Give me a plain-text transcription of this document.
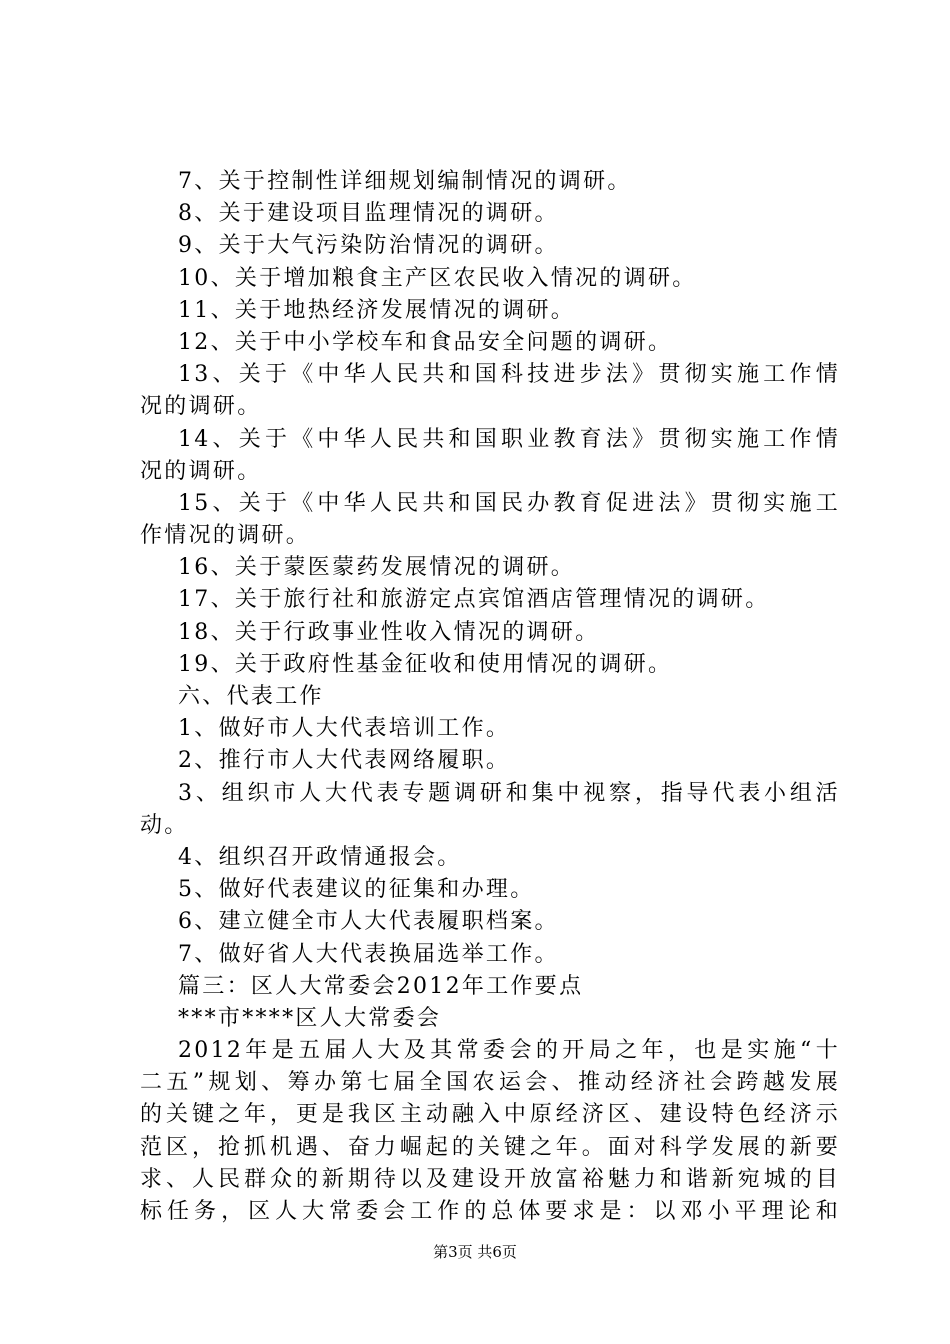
7、关于控制性详细规划编制情况的调研。
8、关于建设项目监理情况的调研。
9、关于大气污染防治情况的调研。
10、关于增加粮食主产区农民收入情况的调研。
11、关于地热经济发展情况的调研。
12、关于中小学校车和食品安全问题的调研。
13、关于《中华人民共和国科技进步法》贯彻实施工作情
况的调研。
14、关于《中华人民共和国职业教育法》贯彻实施工作情
况的调研。
15、关于《中华人民共和国民办教育促进法》贯彻实施工
作情况的调研。
16、关于蒙医蒙药发展情况的调研。
17、关于旅行社和旅游定点宾馆酒店管理情况的调研。
18、关于行政事业性收入情况的调研。
19、关于政府性基金征收和使用情况的调研。
六、代表工作
1、做好市人大代表培训工作。
2、推行市人大代表网络履职。
3、组织市人大代表专题调研和集中视察，指导代表小组活
动。
4、组织召开政情通报会。
5、做好代表建议的征集和办理。
6、建立健全市人大代表履职档案。
7、做好省人大代表换届选举工作。
篇三：区人大常委会2012年工作要点
***市****区人大常委会
2012年是五届人大及其常委会的开局之年，也是实施“十
二五”规划、筹办第七届全国农运会、推动经济社会跨越发展
的关键之年，更是我区主动融入中原经济区、建设特色经济示
范区，抢抓机遇、奋力崛起的关键之年。面对科学发展的新要
求、人民群众的新期待以及建设开放富裕魅力和谐新宛城的目
标任务，区人大常委会工作的总体要求是：以邓小平理论和
第3页 共6页
